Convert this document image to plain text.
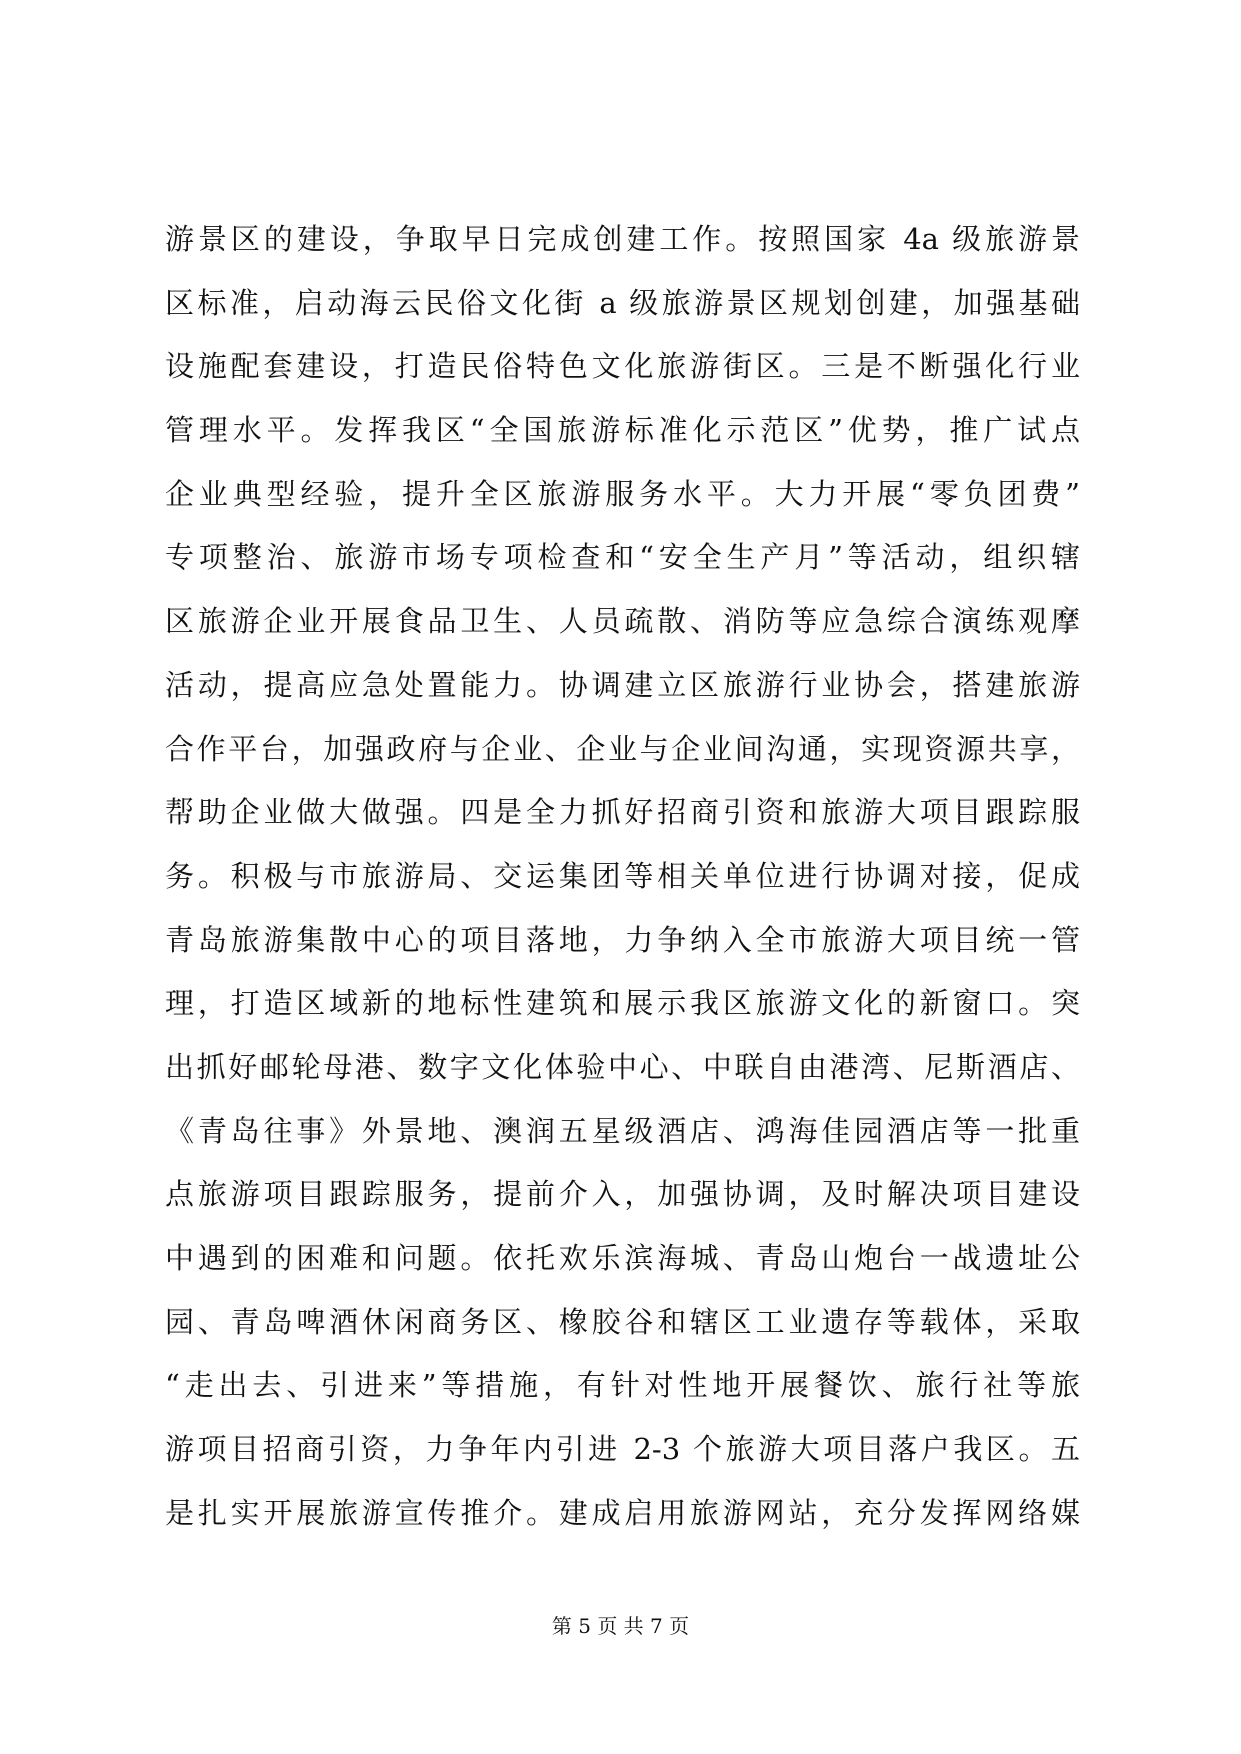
游景区的建设，争取早日完成创建工作。按照国家 4a 级旅游景
区标准，启动海云民俗文化街 a 级旅游景区规划创建，加强基础
设施配套建设，打造民俗特色文化旅游街区。三是不断强化行业
管理水平。发挥我区“全国旅游标准化示范区”优势，推广试点
企业典型经验，提升全区旅游服务水平。大力开展“零负团费”
专项整治、旅游市场专项检查和“安全生产月”等活动，组织辖
区旅游企业开展食品卫生、人员疏散、消防等应急综合演练观摩
活动，提高应急处置能力。协调建立区旅游行业协会，搭建旅游
合作平台，加强政府与企业、企业与企业间沟通，实现资源共享，
帮助企业做大做强。四是全力抓好招商引资和旅游大项目跟踪服
务。积极与市旅游局、交运集团等相关单位进行协调对接，促成
青岛旅游集散中心的项目落地，力争纳入全市旅游大项目统一管
理，打造区域新的地标性建筑和展示我区旅游文化的新窗口。突
出抓好邮轮母港、数字文化体验中心、中联自由港湾、尼斯酒店、
《青岛往事》外景地、澳润五星级酒店、鸿海佳园酒店等一批重
点旅游项目跟踪服务，提前介入，加强协调，及时解决项目建设
中遇到的困难和问题。依托欢乐滨海城、青岛山炮台一战遗址公
园、青岛啤酒休闲商务区、橡胶谷和辖区工业遗存等载体，采取
“走出去、引进来”等措施，有针对性地开展餐饮、旅行社等旅
游项目招商引资，力争年内引进 2-3 个旅游大项目落户我区。五
是扎实开展旅游宣传推介。建成启用旅游网站，充分发挥网络媒
第 5 页 共 7 页
